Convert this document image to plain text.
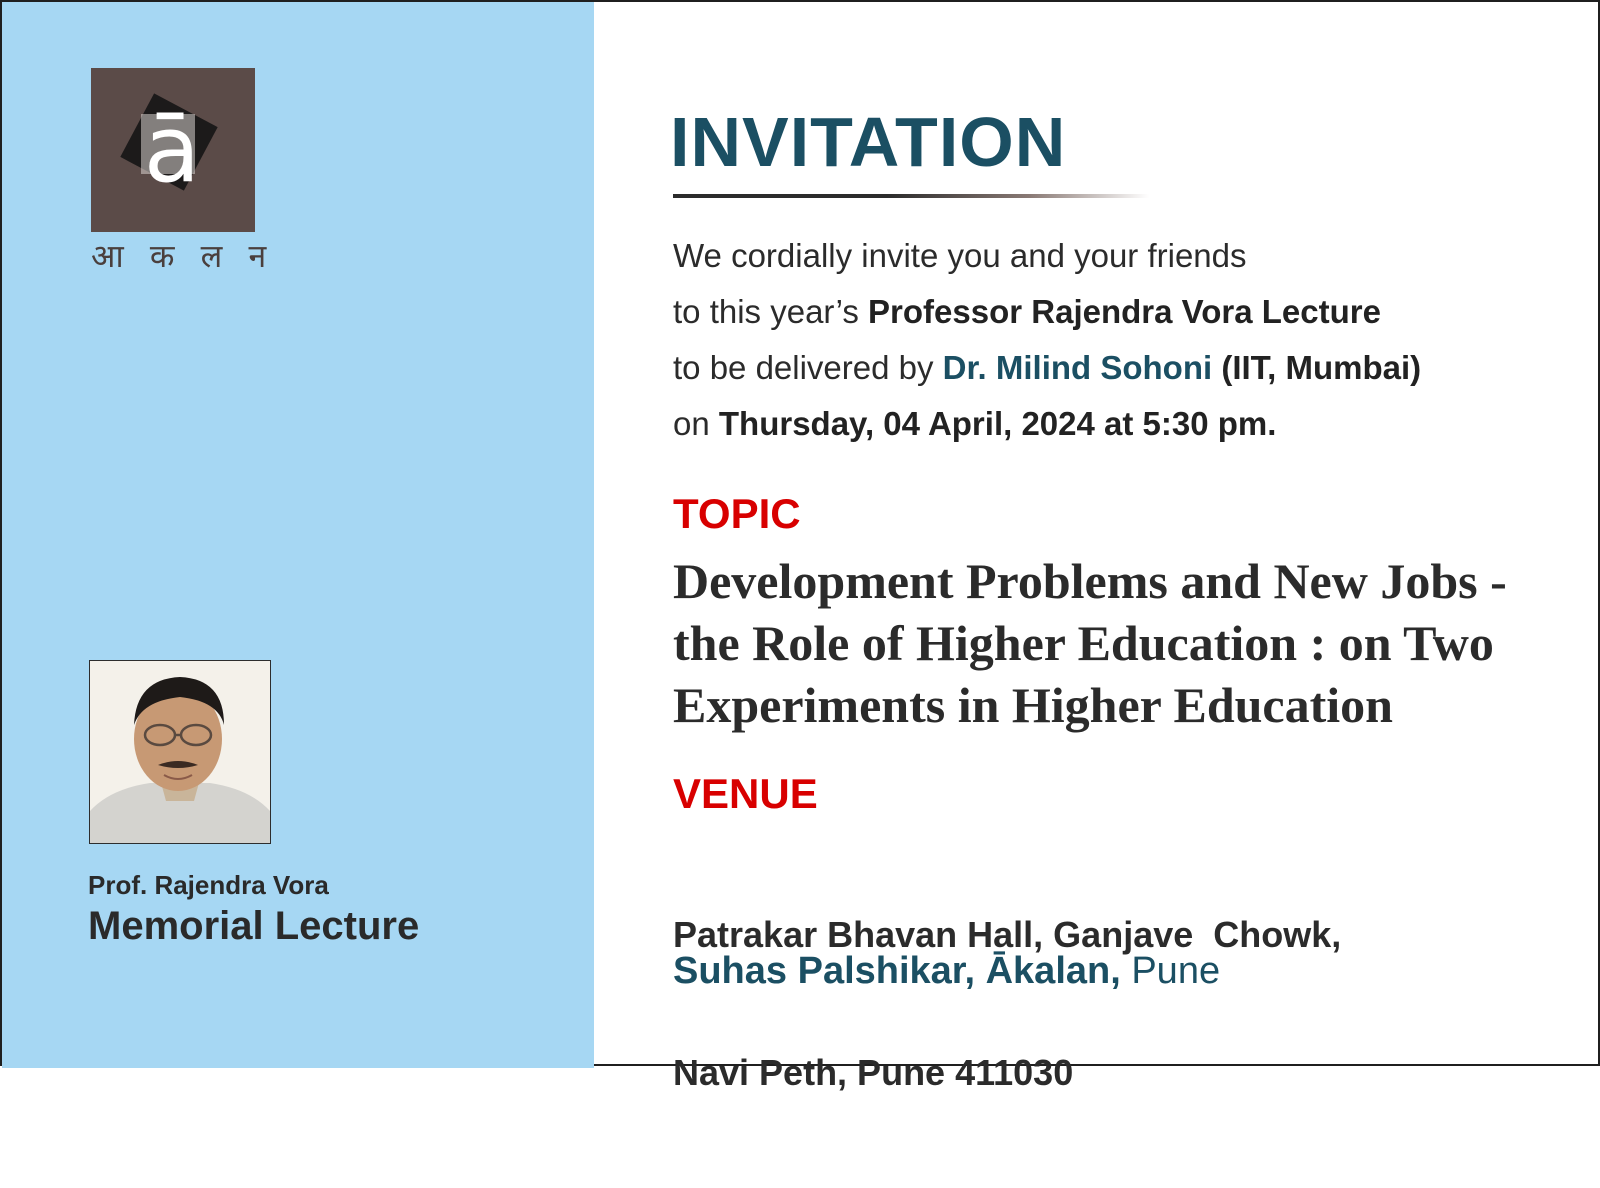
ā
आ क ल न
Prof. Rajendra Vora
Memorial Lecture
INVITATION
We cordially invite you and your friends
to this year’s Professor Rajendra Vora Lecture
to be delivered by Dr. Milind Sohoni (IIT, Mumbai)
on Thursday, 04 April, 2024 at 5:30 pm.
TOPIC
Development Problems and New Jobs -
the Role of Higher Education : on Two
Experiments in Higher Education
VENUE

Patrakar Bhavan Hall, Ganjave  Chowk,

Navi Peth, Pune 411030

Suhas Palshikar, Ākalan, Pune
